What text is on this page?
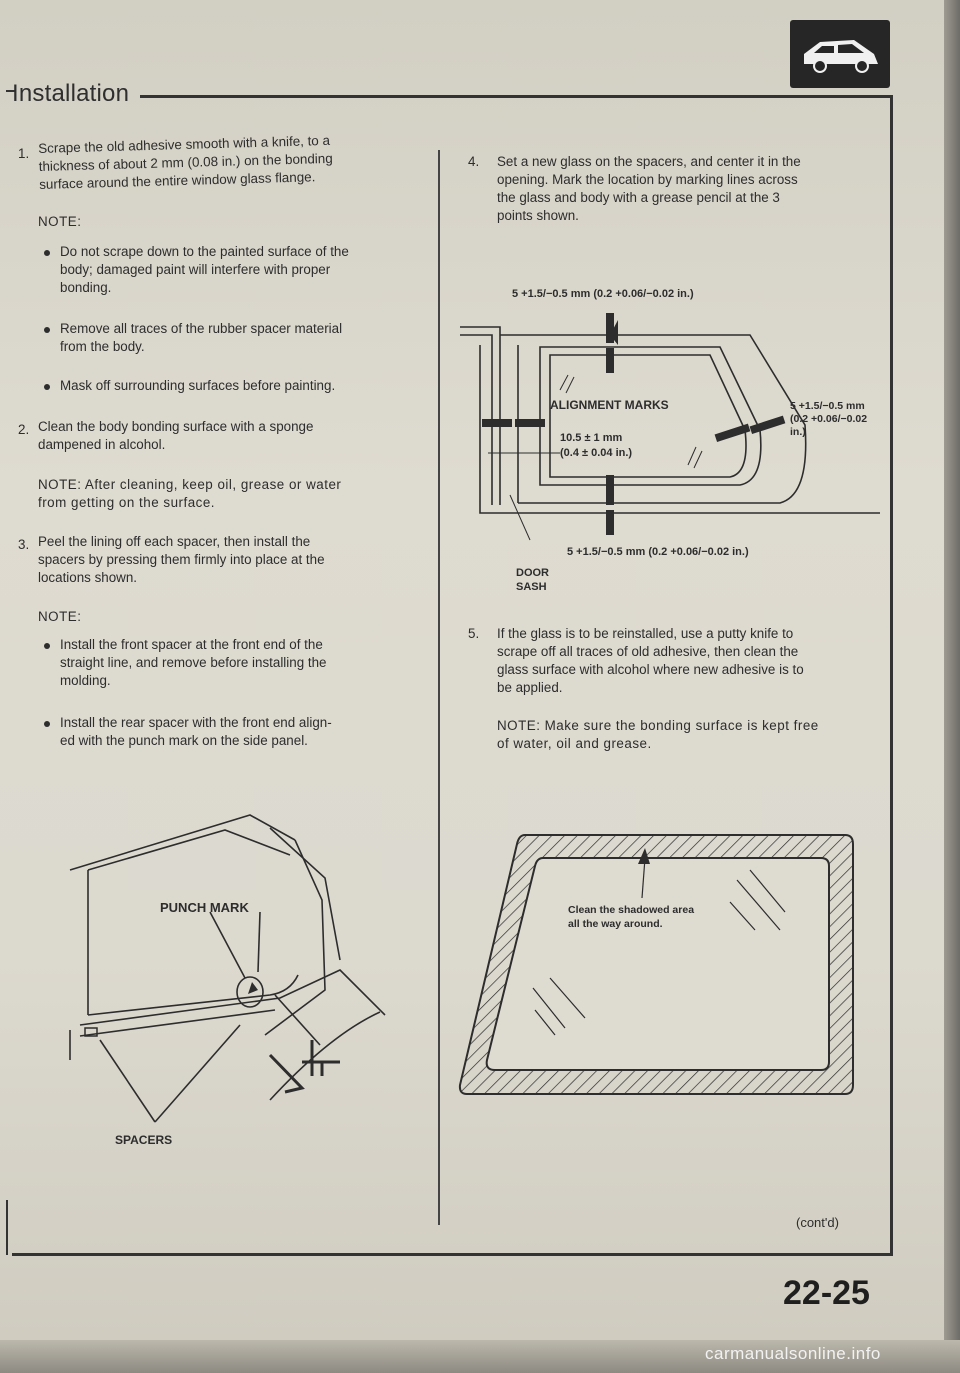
Installation
1. Scrape the old adhesive smooth with a knife, to a
thickness of about 2 mm (0.08 in.) on the bonding
surface around the entire window glass flange.
NOTE:
Do not scrape down to the painted surface of the
body; damaged paint will interfere with proper
bonding.
Remove all traces of the rubber spacer material
from the body.
Mask off surrounding surfaces before painting.
2. Clean the body bonding surface with a sponge
dampened in alcohol.
NOTE: After cleaning, keep oil, grease or water
from getting on the surface.
3. Peel the lining off each spacer, then install the
spacers by pressing them firmly into place at the
locations shown.
NOTE:
Install the front spacer at the front end of the
straight line, and remove before installing the
molding.
Install the rear spacer with the front end align-
ed with the punch mark on the side panel.
PUNCH MARK
SPACERS
4. Set a new glass on the spacers, and center it in the
opening. Mark the location by marking lines across
the glass and body with a grease pencil at the 3
points shown.
5 +1.5/−0.5 mm (0.2 +0.06/−0.02 in.)
ALIGNMENT MARKS
10.5 ± 1 mm
(0.4 ± 0.04 in.)
5 +1.5/−0.5 mm (0.2 +0.06/−0.02 in.)
5 +1.5/−0.5 mm (0.2 +0.06/−0.02 in.)
DOOR
SASH
5. If the glass is to be reinstalled, use a putty knife to
scrape off all traces of old adhesive, then clean the
glass surface with alcohol where new adhesive is to
be applied.
NOTE: Make sure the bonding surface is kept free
of water, oil and grease.
Clean the shadowed area
all the way around.
(cont'd)
22-25
carmanualsonline.info
